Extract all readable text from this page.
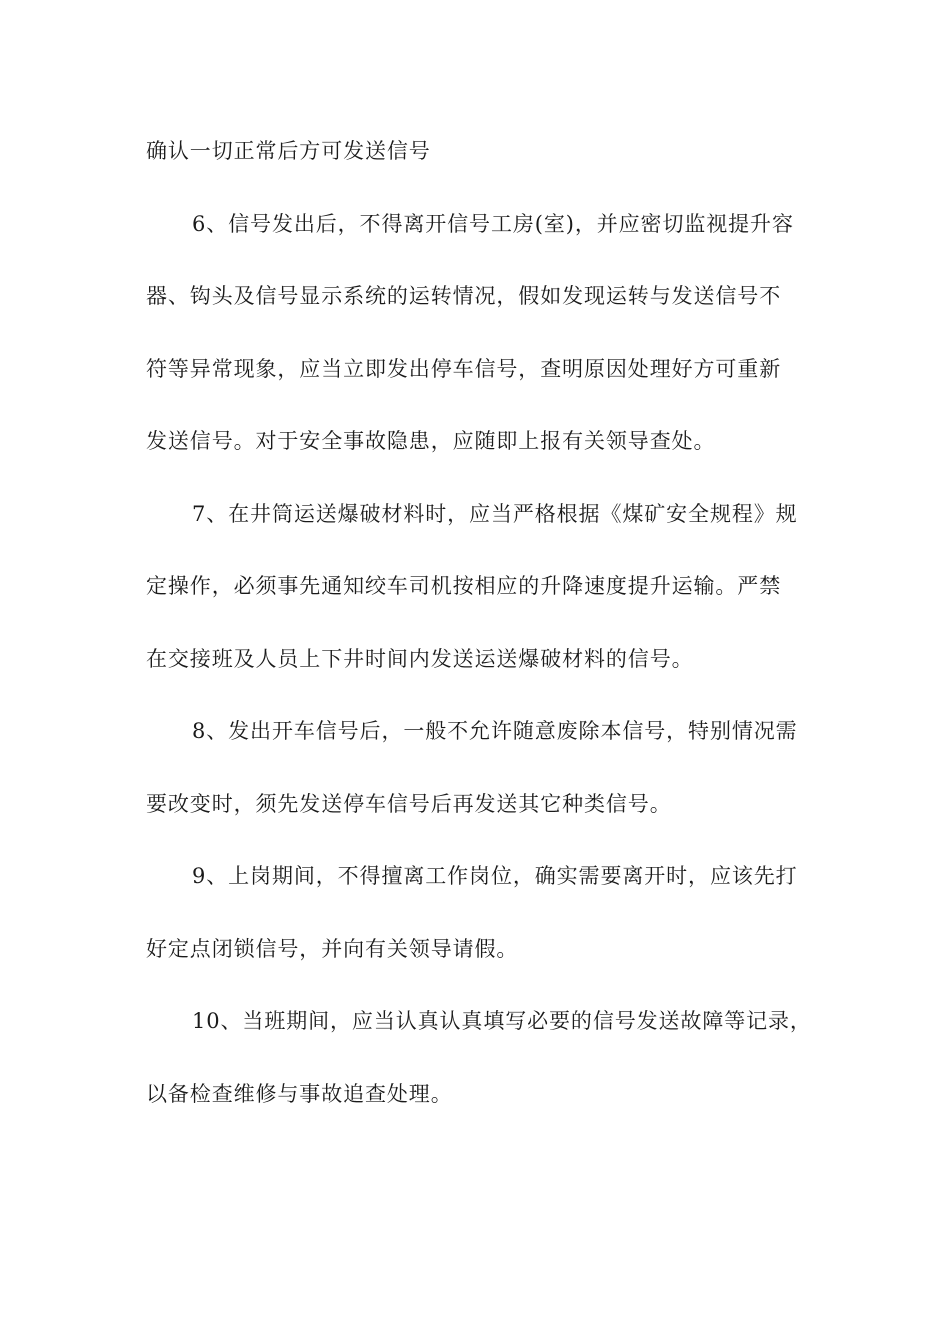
确认一切正常后方可发送信号
6、信号发出后，不得离开信号工房(室)，并应密切监视提升容
器、钩头及信号显示系统的运转情况，假如发现运转与发送信号不
符等异常现象，应当立即发出停车信号，查明原因处理好方可重新
发送信号。对于安全事故隐患，应随即上报有关领导查处。
7、在井筒运送爆破材料时，应当严格根据《煤矿安全规程》规
定操作，必须事先通知绞车司机按相应的升降速度提升运输。严禁
在交接班及人员上下井时间内发送运送爆破材料的信号。
8、发出开车信号后，一般不允许随意废除本信号，特别情况需
要改变时，须先发送停车信号后再发送其它种类信号。
9、上岗期间，不得擅离工作岗位，确实需要离开时，应该先打
好定点闭锁信号，并向有关领导请假。
10、当班期间，应当认真认真填写必要的信号发送故障等记录，
以备检查维修与事故追查处理。
